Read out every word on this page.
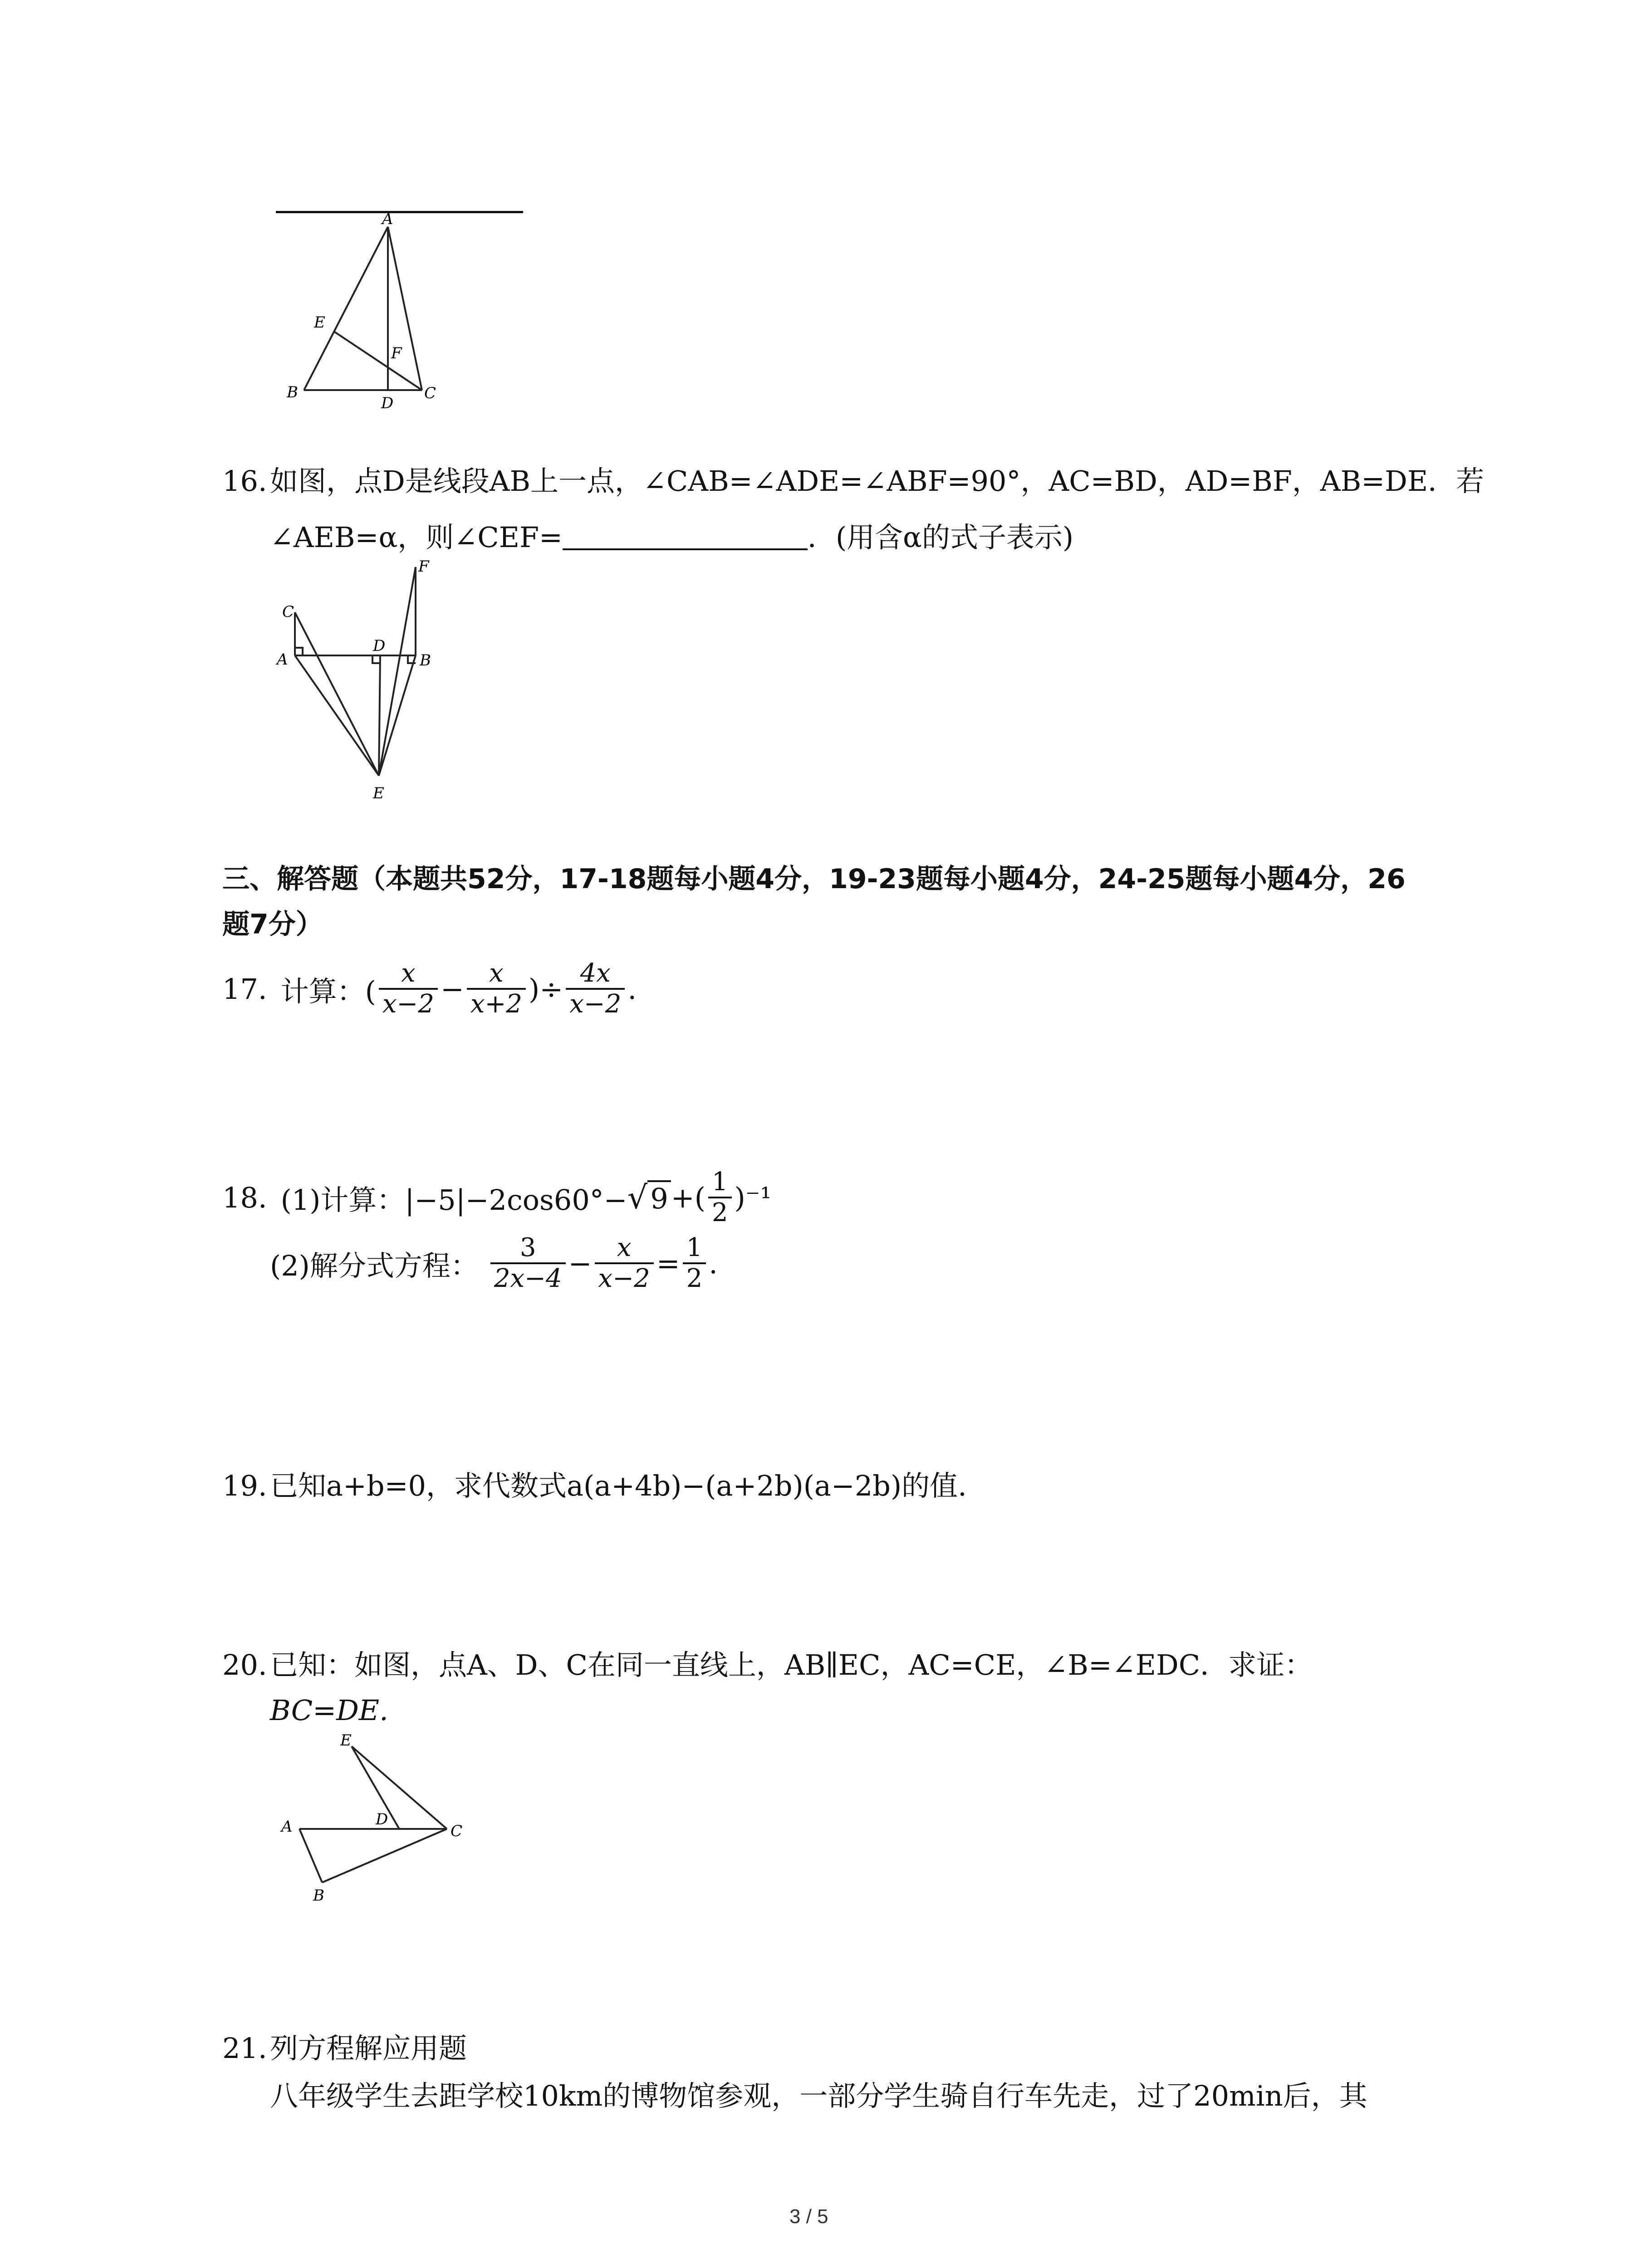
A
B	C
D
E
F
16. 如图，点D是线段AB上一点，∠CAB=∠ADE=∠ABF=90°，AC=BD，AD=BF，AB=DE．若
∠AEB=α，则∠CEF=	．(用含α的式子表示)
C
A
D
B
F
E
三、解答题（本题共52分，17-18题每小题4分，19-23题每小题4分，24-25题每小题4分，26
题7分）
17. 计算：( $\frac{x}{x-2} - \frac{x}{x+2}$ )÷ $\frac{4x}{x-2}$ .
18. (1)计算：|−5|−2cos60°− √ 9 +( $\frac{1}{2} )^{-1}$
(2)解分式方程： $\frac{3}{2x-4} - \frac{x}{x-2} = \frac{1}{2}$ .
19. 已知a+b=0，求代数式a(a+4b)−(a+2b)(a−2b)的值.
20. 已知：如图，点A、D、C在同一直线上，AB∥EC，AC=CE，∠B=∠EDC．求证：
BC=DE.
E
A	D
C
B
21. 列方程解应用题
八年级学生去距学校10km的博物馆参观，一部分学生骑自行车先走，过了20min后，其
3 / 5
